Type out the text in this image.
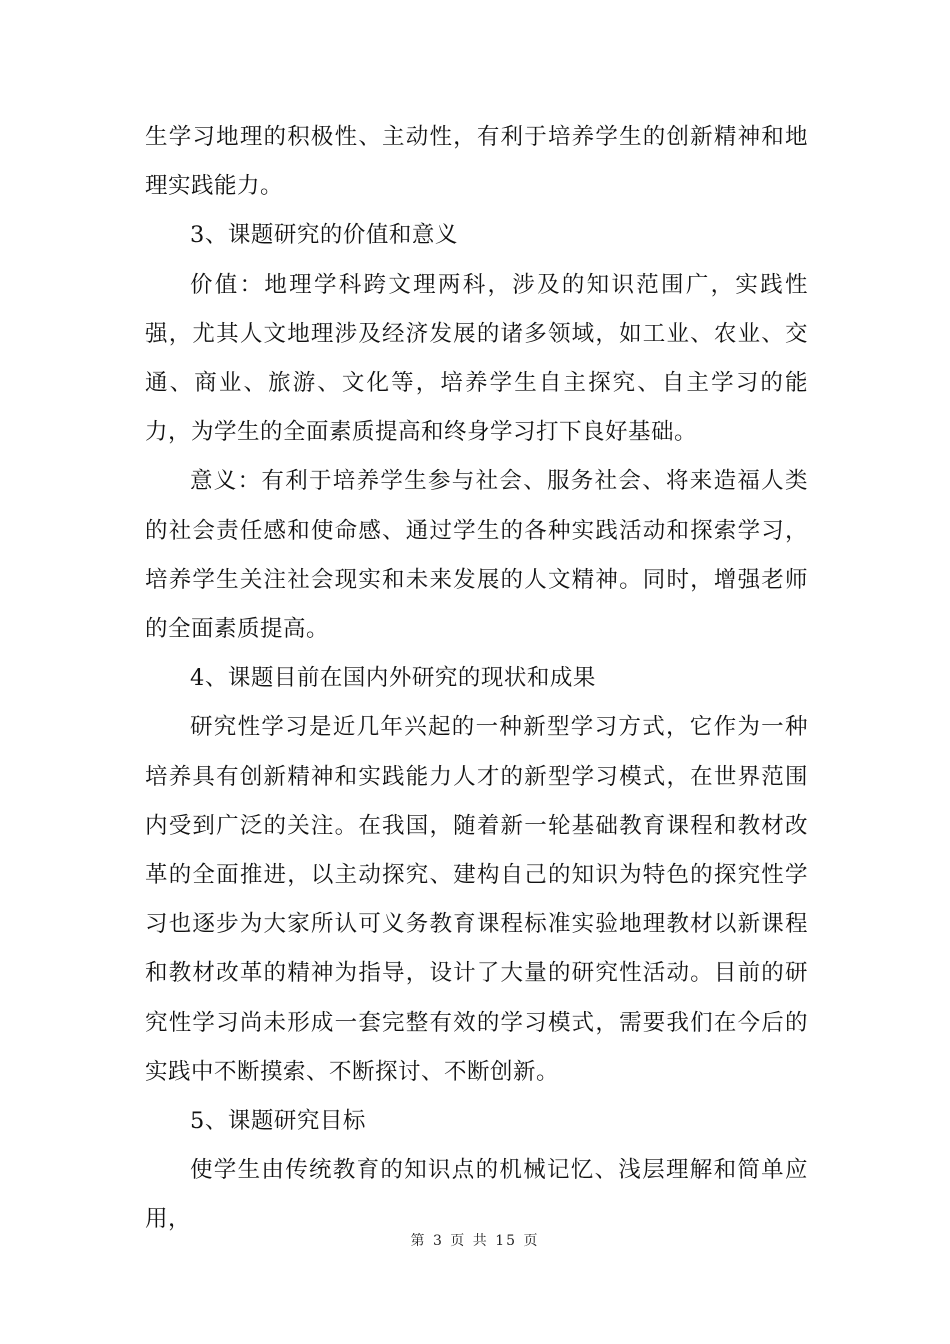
生学习地理的积极性、主动性，有利于培养学生的创新精神和地理实践能力。

3、课题研究的价值和意义

价值：地理学科跨文理两科，涉及的知识范围广，实践性强，尤其人文地理涉及经济发展的诸多领域，如工业、农业、交通、商业、旅游、文化等，培养学生自主探究、自主学习的能力，为学生的全面素质提高和终身学习打下良好基础。

意义：有利于培养学生参与社会、服务社会、将来造福人类的社会责任感和使命感、通过学生的各种实践活动和探索学习，培养学生关注社会现实和未来发展的人文精神。同时，增强老师的全面素质提高。

4、课题目前在国内外研究的现状和成果

研究性学习是近几年兴起的一种新型学习方式，它作为一种培养具有创新精神和实践能力人才的新型学习模式，在世界范围内受到广泛的关注。在我国，随着新一轮基础教育课程和教材改革的全面推进，以主动探究、建构自己的知识为特色的探究性学习也逐步为大家所认可义务教育课程标准实验地理教材以新课程和教材改革的精神为指导，设计了大量的研究性活动。目前的研究性学习尚未形成一套完整有效的学习模式，需要我们在今后的实践中不断摸索、不断探讨、不断创新。

5、课题研究目标

使学生由传统教育的知识点的机械记忆、浅层理解和简单应用，

第 3 页 共 15 页
